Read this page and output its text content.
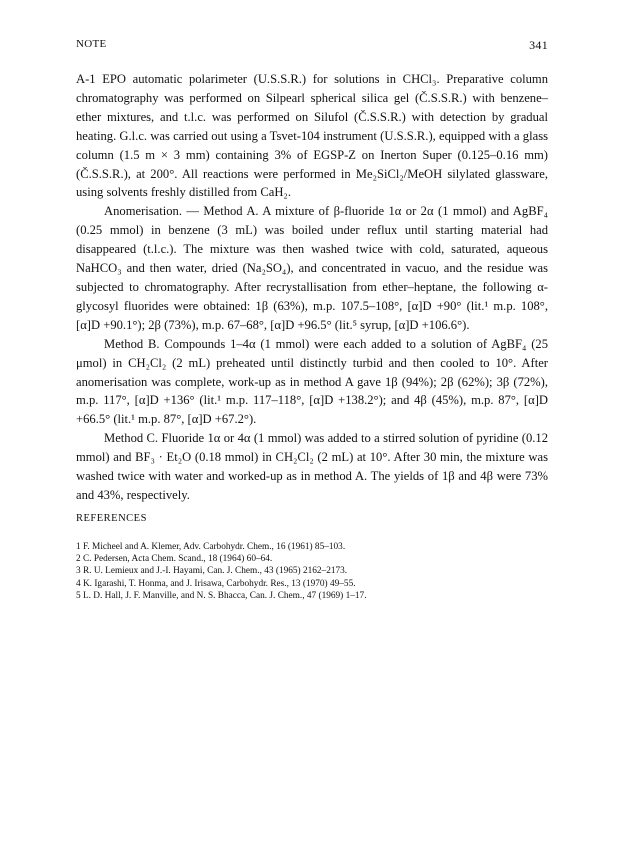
NOTE	341

A-1 EPO automatic polarimeter (U.S.S.R.) for solutions in CHCl₃. Preparative column chromatography was performed on Silpearl spherical silica gel (Č.S.S.R.) with benzene–ether mixtures, and t.l.c. was performed on Silufol (Č.S.S.R.) with detection by gradual heating. G.l.c. was carried out using a Tsvet-104 instrument (U.S.S.R.), equipped with a glass column (1.5 m × 3 mm) containing 3% of EGSP-Z on Inerton Super (0.125–0.16 mm) (Č.S.S.R.), at 200°. All reactions were performed in Me₂SiCl₂/MeOH silylated glassware, using solvents freshly distilled from CaH₂.

Anomerisation. — Method A. A mixture of β-fluoride 1α or 2α (1 mmol) and AgBF₄ (0.25 mmol) in benzene (3 mL) was boiled under reflux until starting material had disappeared (t.l.c.). The mixture was then washed twice with cold, saturated, aqueous NaHCO₃ and then water, dried (Na₂SO₄), and concentrated in vacuo, and the residue was subjected to chromatography. After recrystallisation from ether–heptane, the following α-glycosyl fluorides were obtained: 1β (63%), m.p. 107.5–108°, [α]D +90° (lit.¹ m.p. 108°, [α]D +90.1°); 2β (73%), m.p. 67–68°, [α]D +96.5° (lit.⁵ syrup, [α]D +106.6°).

Method B. Compounds 1–4α (1 mmol) were each added to a solution of AgBF₄ (25 μmol) in CH₂Cl₂ (2 mL) preheated until distinctly turbid and then cooled to 10°. After anomerisation was complete, work-up as in method A gave 1β (94%); 2β (62%); 3β (72%), m.p. 117°, [α]D +136° (lit.¹ m.p. 117–118°, [α]D +138.2°); and 4β (45%), m.p. 87°, [α]D +66.5° (lit.¹ m.p. 87°, [α]D +67.2°).

Method C. Fluoride 1α or 4α (1 mmol) was added to a stirred solution of pyridine (0.12 mmol) and BF₃ · Et₂O (0.18 mmol) in CH₂Cl₂ (2 mL) at 10°. After 30 min, the mixture was washed twice with water and worked-up as in method A. The yields of 1β and 4β were 73% and 43%, respectively.

REFERENCES
1 F. Micheel and A. Klemer, Adv. Carbohydr. Chem., 16 (1961) 85–103.
2 C. Pedersen, Acta Chem. Scand., 18 (1964) 60–64.
3 R. U. Lemieux and J.-I. Hayami, Can. J. Chem., 43 (1965) 2162–2173.
4 K. Igarashi, T. Honma, and J. Irisawa, Carbohydr. Res., 13 (1970) 49–55.
5 L. D. Hall, J. F. Manville, and N. S. Bhacca, Can. J. Chem., 47 (1969) 1–17.
